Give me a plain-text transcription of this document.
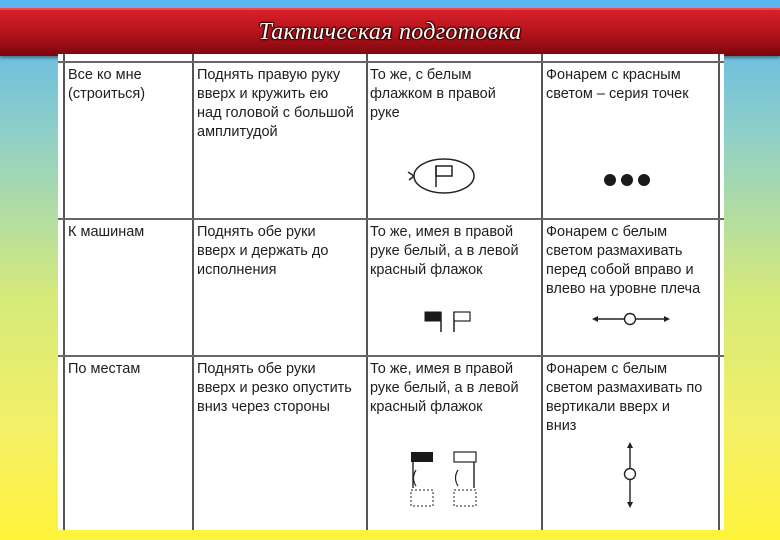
Тактическая подготовка
Все ко мне
(строиться)
Поднять правую руку
вверх и кружить ею
над головой с большой
амплитудой
То же, с белым
флажком в правой
руке
Фонарем с красным
светом – серия точек
К машинам	Поднять обе руки
вверх и держать до
исполнения
То же, имея в правой
руке белый, а в левой
красный флажок
Фонарем с белым
светом размахивать
перед собой вправо и
влево на уровне плеча
По местам	Поднять обе руки
вверх и резко опустить
вниз через стороны
То же, имея в правой
руке белый, а в левой
красный флажок
Фонарем с белым
светом размахивать по
вертикали вверх и
вниз
